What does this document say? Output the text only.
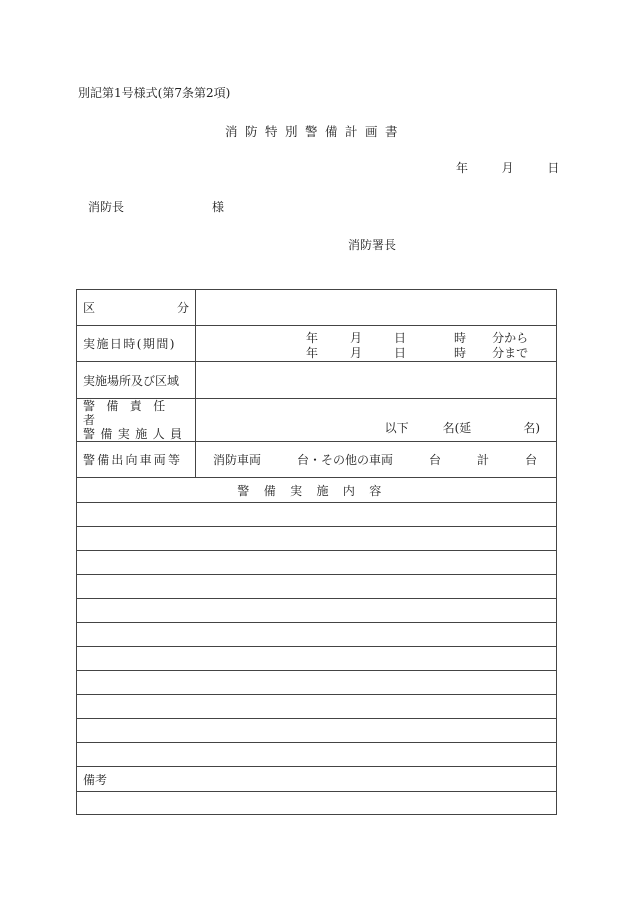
別記第1号様式(第7条第2項)
消防特別警備計画書
年	月	日
消防長	様
消防署長
区 分	

実施日時(期間)	年 月 日 時 分から
年 月 日 時 分まで

実施場所及び区域	

警備責任者
警備実施人員	以下 名(延 名)

警備出向車両等	消防車両 台・その他の車両 台 計 台
警備実施内容	

備考	
